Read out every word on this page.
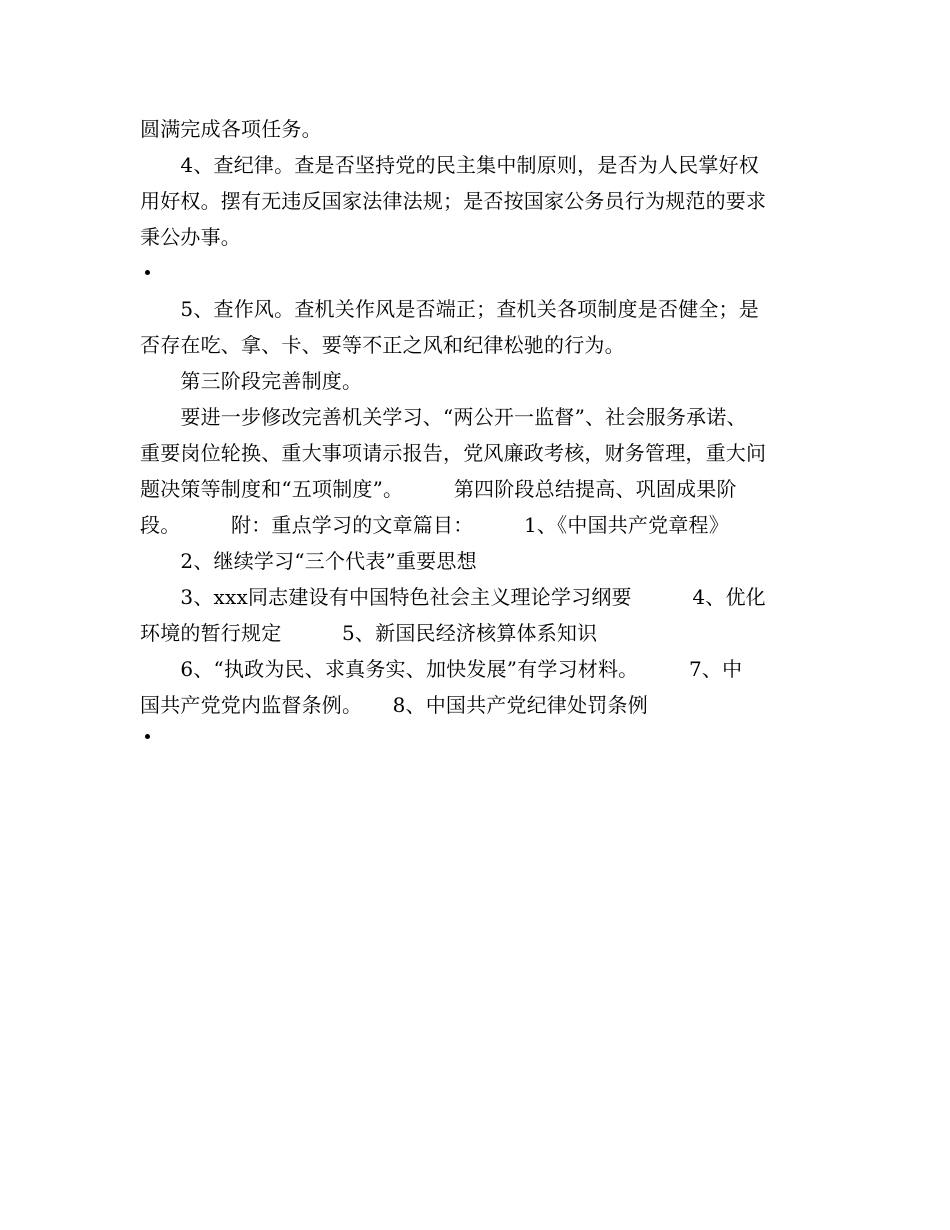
圆满完成各项任务。
　　4、查纪律。查是否坚持党的民主集中制原则，是否为人民掌好权
用好权。摆有无违反国家法律法规；是否按国家公务员行为规范的要求
秉公办事。
　　5、查作风。查机关作风是否端正；查机关各项制度是否健全；是
否存在吃、拿、卡、要等不正之风和纪律松驰的行为。
　　第三阶段完善制度。
　　要进一步修改完善机关学习、“两公开一监督”、社会服务承诺、
重要岗位轮换、重大事项请示报告，党风廉政考核，财务管理，重大问
题决策等制度和“五项制度”。　　　第四阶段总结提高、巩固成果阶
段。　　　附：重点学习的文章篇目：　　　1、《中国共产党章程》
　　2、继续学习“三个代表”重要思想
　　3、xxx同志建设有中国特色社会主义理论学习纲要　　　4、优化
环境的暂行规定　　　5、新国民经济核算体系知识
　　6、“执政为民、求真务实、加快发展”有学习材料。　　　7、中
国共产党党内监督条例。　　8、中国共产党纪律处罚条例
